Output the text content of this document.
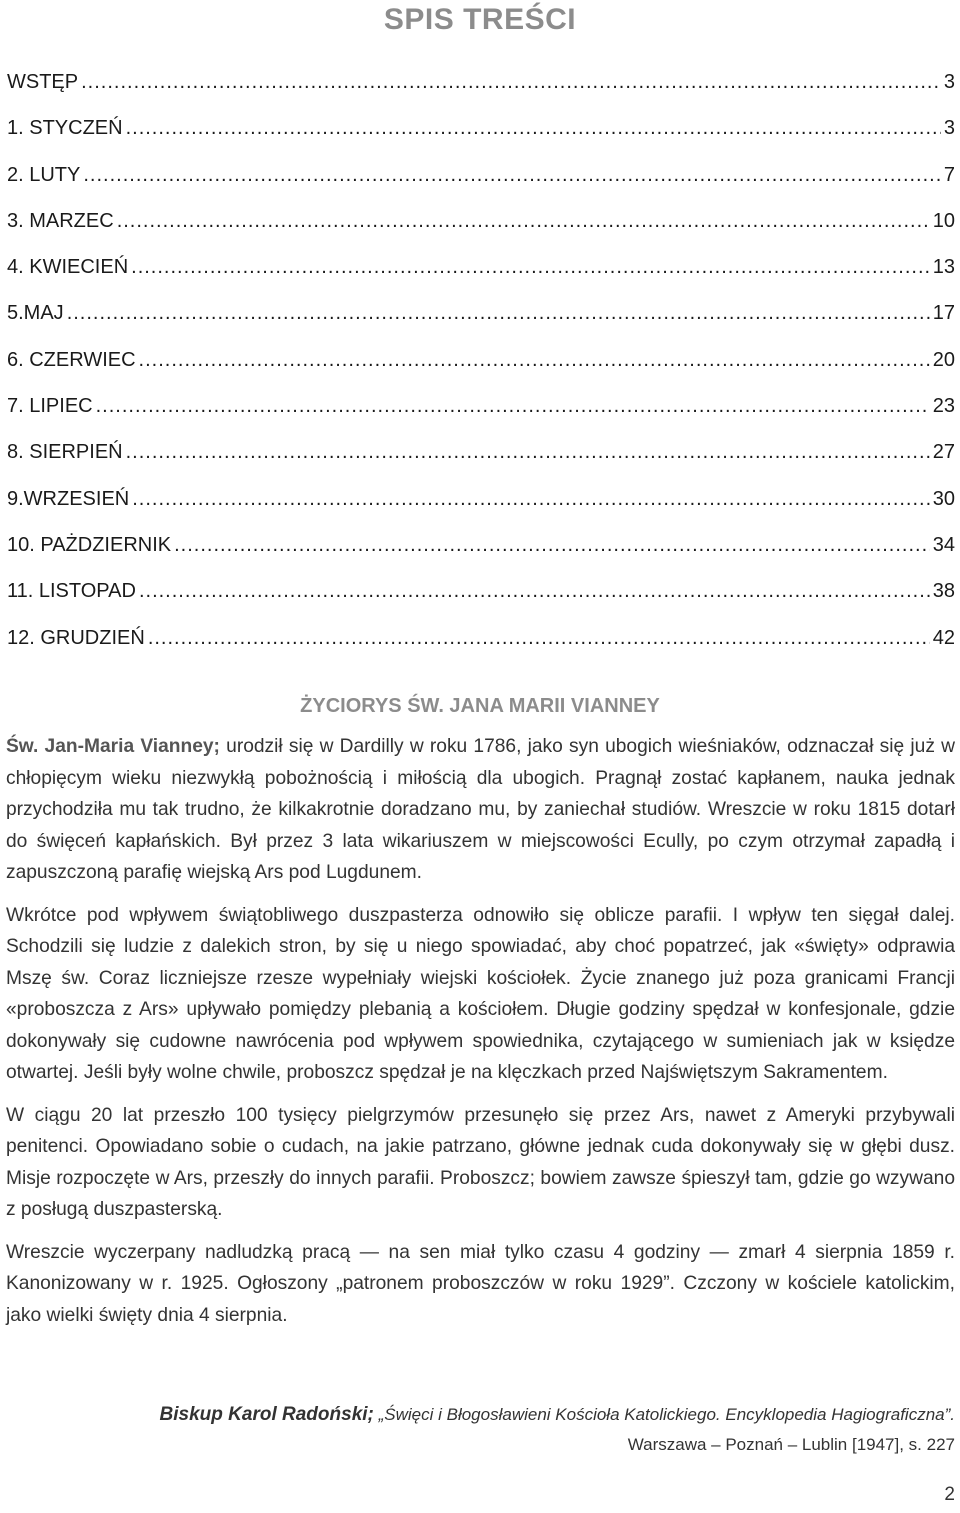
SPIS TREŚCI
WSTĘP .....	3
1. STYCZEŃ .....	3
2. LUTY .....	7
3. MARZEC .....	10
4. KWIECIEŃ .....	13
5.MAJ .....	17
6. CZERWIEC .....	20
7. LIPIEC .....	23
8. SIERPIEŃ .....	27
9.WRZESIEŃ .....	30
10. PAŻDZIERNIK .....	34
11. LISTOPAD .....	38
12. GRUDZIEŃ .....	42
ŻYCIORYS ŚW. JANA MARII VIANNEY

Św. Jan-Maria Vianney; urodził się w Dardilly w roku 1786, jako syn ubogich wieśniaków, odznaczał się już w chłopięcym wieku niezwykłą pobożnością i miłością dla ubogich. Pragnął zostać kapłanem, nauka jednak przychodziła mu tak trudno, że kilkakrotnie doradzano mu, by zaniechał studiów. Wreszcie w roku 1815 dotarł do święceń kapłańskich. Był przez 3 lata wikariuszem w miejscowości Ecully, po czym otrzymał zapadłą i zapuszczoną parafię wiejską Ars pod Lugdunem.

Wkrótce pod wpływem świątobliwego duszpasterza odnowiło się oblicze parafii. I wpływ ten sięgał dalej. Schodzili się ludzie z dalekich stron, by się u niego spowiadać, aby choć popatrzeć, jak «święty» odprawia Mszę św. Coraz liczniejsze rzesze wypełniały wiejski kościołek. Życie znanego już poza granicami Francji «proboszcza z Ars» upływało pomiędzy plebanią a kościołem. Długie godziny spędzał w konfesjonale, gdzie dokonywały się cudowne nawrócenia pod wpływem spowiednika, czytającego w sumieniach jak w księdze otwartej. Jeśli były wolne chwile, proboszcz spędzał je na klęczkach przed Najświętszym Sakramentem.

W ciągu 20 lat przeszło 100 tysięcy pielgrzymów przesunęło się przez Ars, nawet z Ameryki przybywali penitenci. Opowiadano sobie o cudach, na jakie patrzano, główne jednak cuda dokonywały się w głębi dusz. Misje rozpoczęte w Ars, przeszły do innych parafii. Proboszcz; bowiem zawsze śpieszył tam, gdzie go wzywano z posługą duszpasterską.

Wreszcie wyczerpany nadludzką pracą — na sen miał tylko czasu 4 godziny — zmarł 4 sierpnia 1859 r. Kanonizowany w r. 1925. Ogłoszony „patronem proboszczów w roku 1929”. Czczony w kościele katolickim, jako wielki święty dnia 4 sierpnia.

Biskup Karol Radoński; „Święci i Błogosławieni Kościoła Katolickiego. Encyklopedia Hagiograficzna”.
Warszawa – Poznań – Lublin [1947], s. 227
2
